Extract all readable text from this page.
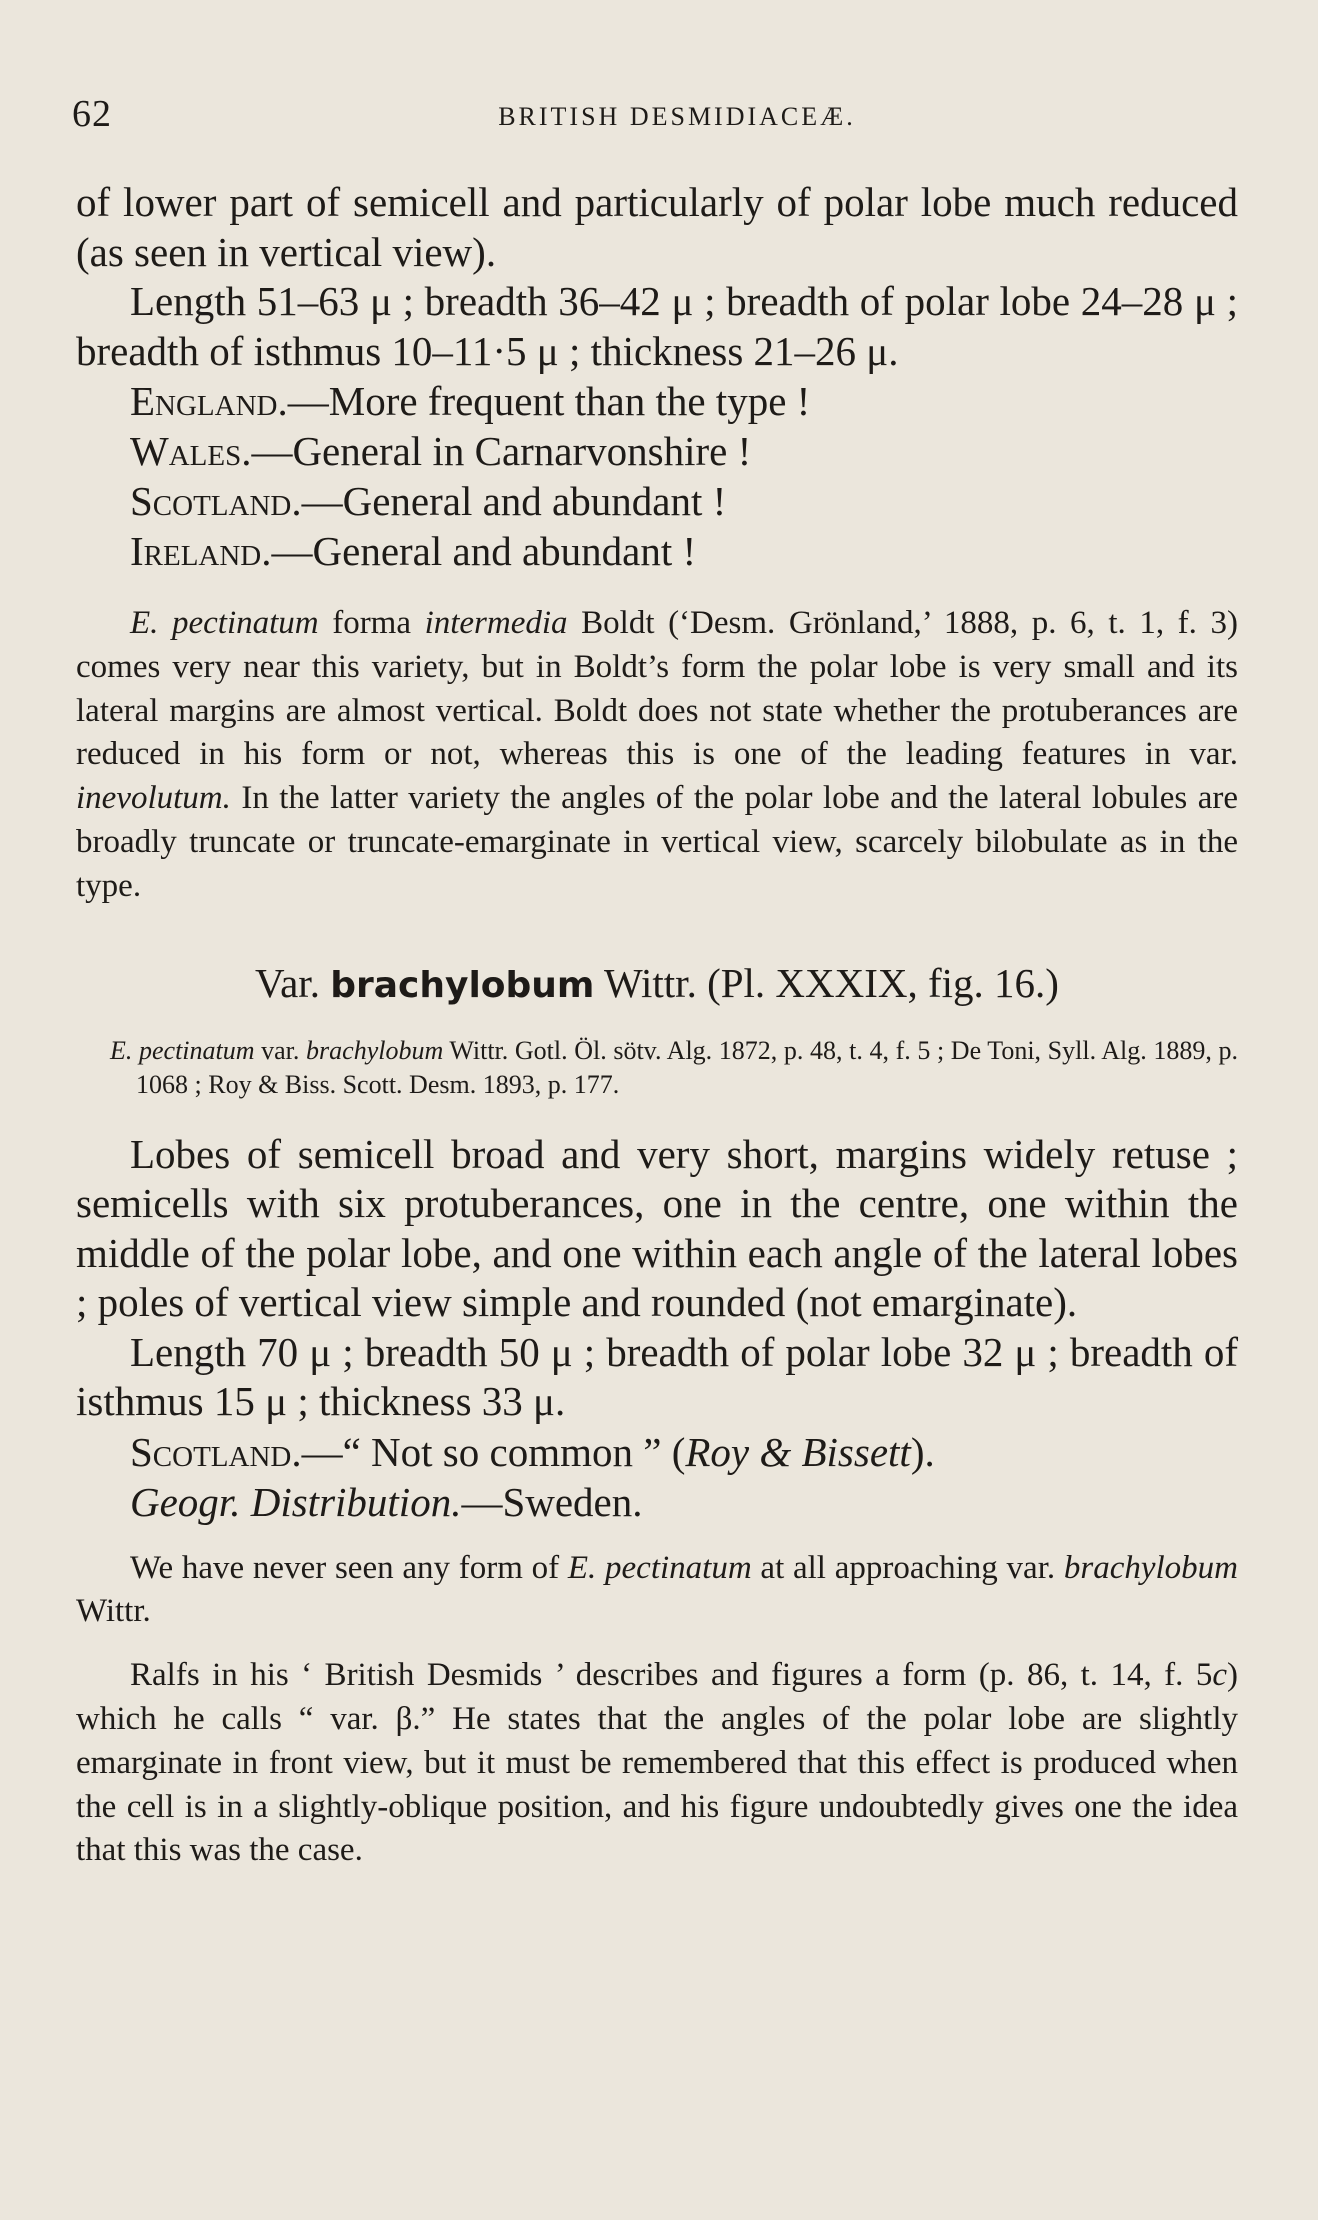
62	BRITISH DESMIDIACEÆ.

of lower part of semicell and particularly of polar lobe much reduced (as seen in vertical view).

Length 51–63 μ ; breadth 36–42 μ ; breadth of polar lobe 24–28 μ ; breadth of isthmus 10–11·5 μ ; thickness 21–26 μ.

England.—More frequent than the type !

Wales.—General in Carnarvonshire !

Scotland.—General and abundant !

Ireland.—General and abundant !

E. pectinatum forma intermedia Boldt (‘Desm. Grönland,’ 1888, p. 6, t. 1, f. 3) comes very near this variety, but in Boldt’s form the polar lobe is very small and its lateral margins are almost vertical. Boldt does not state whether the protuberances are reduced in his form or not, whereas this is one of the leading features in var. inevolutum. In the latter variety the angles of the polar lobe and the lateral lobules are broadly truncate or truncate-emarginate in vertical view, scarcely bilobulate as in the type.

Var. brachylobum Wittr. (Pl. XXXIX, fig. 16.)

E. pectinatum var. brachylobum Wittr. Gotl. Öl. sötv. Alg. 1872, p. 48, t. 4, f. 5 ; De Toni, Syll. Alg. 1889, p. 1068 ; Roy & Biss. Scott. Desm. 1893, p. 177.

Lobes of semicell broad and very short, margins widely retuse ; semicells with six protuberances, one in the centre, one within the middle of the polar lobe, and one within each angle of the lateral lobes ; poles of vertical view simple and rounded (not emarginate).

Length 70 μ ; breadth 50 μ ; breadth of polar lobe 32 μ ; breadth of isthmus 15 μ ; thickness 33 μ.

Scotland.—“ Not so common ” (Roy & Bissett).

Geogr. Distribution.—Sweden.

We have never seen any form of E. pectinatum at all approaching var. brachylobum Wittr.

Ralfs in his ‘ British Desmids ’ describes and figures a form (p. 86, t. 14, f. 5c) which he calls “ var. β.” He states that the angles of the polar lobe are slightly emarginate in front view, but it must be remembered that this effect is produced when the cell is in a slightly-oblique position, and his figure undoubtedly gives one the idea that this was the case.
